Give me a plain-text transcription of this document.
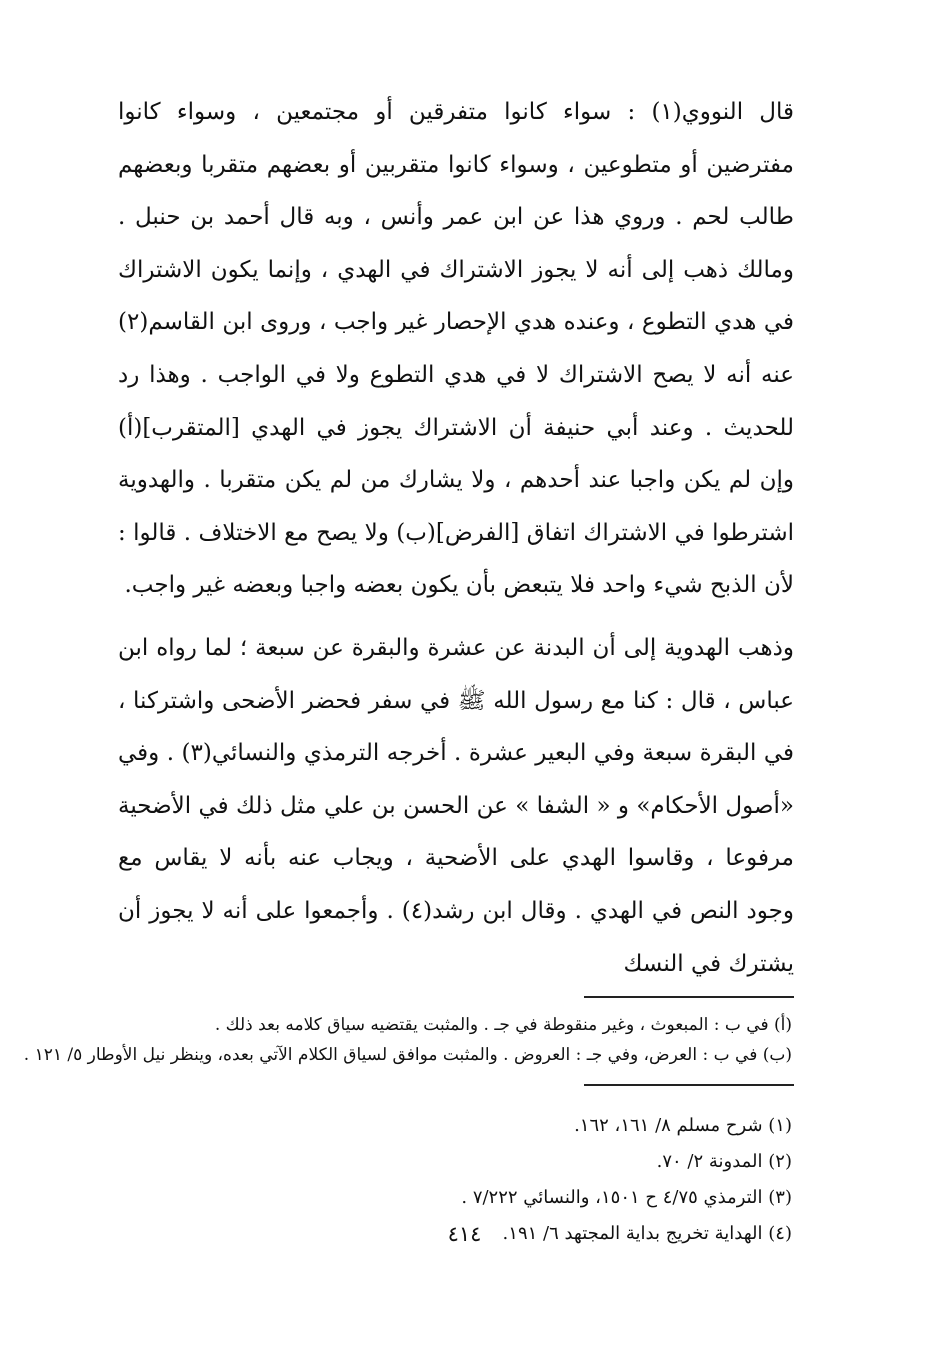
قال النووي(١) : سواء كانوا متفرقين أو مجتمعين ، وسواء كانوا مفترضين أو متطوعين ، وسواء كانوا متقربين أو بعضهم متقربا وبعضهم طالب لحم . وروي هذا عن ابن عمر وأنس ، وبه قال أحمد بن حنبل . ومالك ذهب إلى أنه لا يجوز الاشتراك في الهدي ، وإنما يكون الاشتراك في هدي التطوع ، وعنده هدي الإحصار غير واجب ، وروى ابن القاسم(٢) عنه أنه لا يصح الاشتراك لا في هدي التطوع ولا في الواجب . وهذا رد للحديث . وعند أبي حنيفة أن الاشتراك يجوز في الهدي [المتقرب](أ) وإن لم يكن واجبا عند أحدهم ، ولا يشارك من لم يكن متقربا . والهدوية اشترطوا في الاشتراك اتفاق [الفرض](ب) ولا يصح مع الاختلاف . قالوا : لأن الذبح شيء واحد فلا يتبعض بأن يكون بعضه واجبا وبعضه غير واجب.

وذهب الهدوية إلى أن البدنة عن عشرة والبقرة عن سبعة ؛ لما رواه ابن عباس ، قال : كنا مع رسول الله ﷺ في سفر فحضر الأضحى واشتركنا ، في البقرة سبعة وفي البعير عشرة . أخرجه الترمذي والنسائي(٣) . وفي «أصول الأحكام» و « الشفا » عن الحسن بن علي مثل ذلك في الأضحية مرفوعا ، وقاسوا الهدي على الأضحية ، ويجاب عنه بأنه لا يقاس مع وجود النص في الهدي . وقال ابن رشد(٤) . وأجمعوا على أنه لا يجوز أن يشترك في النسك

(أ) في ب : المبعوث ، وغير منقوطة في جـ . والمثبت يقتضيه سياق كلامه بعد ذلك .
(ب) في ب : العرض، وفي جـ : العروض . والمثبت موافق لسياق الكلام الآتي بعده، وينظر نيل الأوطار ٥/ ١٢١ .
(١) شرح مسلم ٨/ ١٦١، ١٦٢.
(٢) المدونة ٢/ ٧٠.
(٣) الترمذي ٤/٧٥ ح ١٥٠١، والنسائي ٧/٢٢٢ .
(٤) الهداية تخريج بداية المجتهد ٦/ ١٩١.
٤١٤
